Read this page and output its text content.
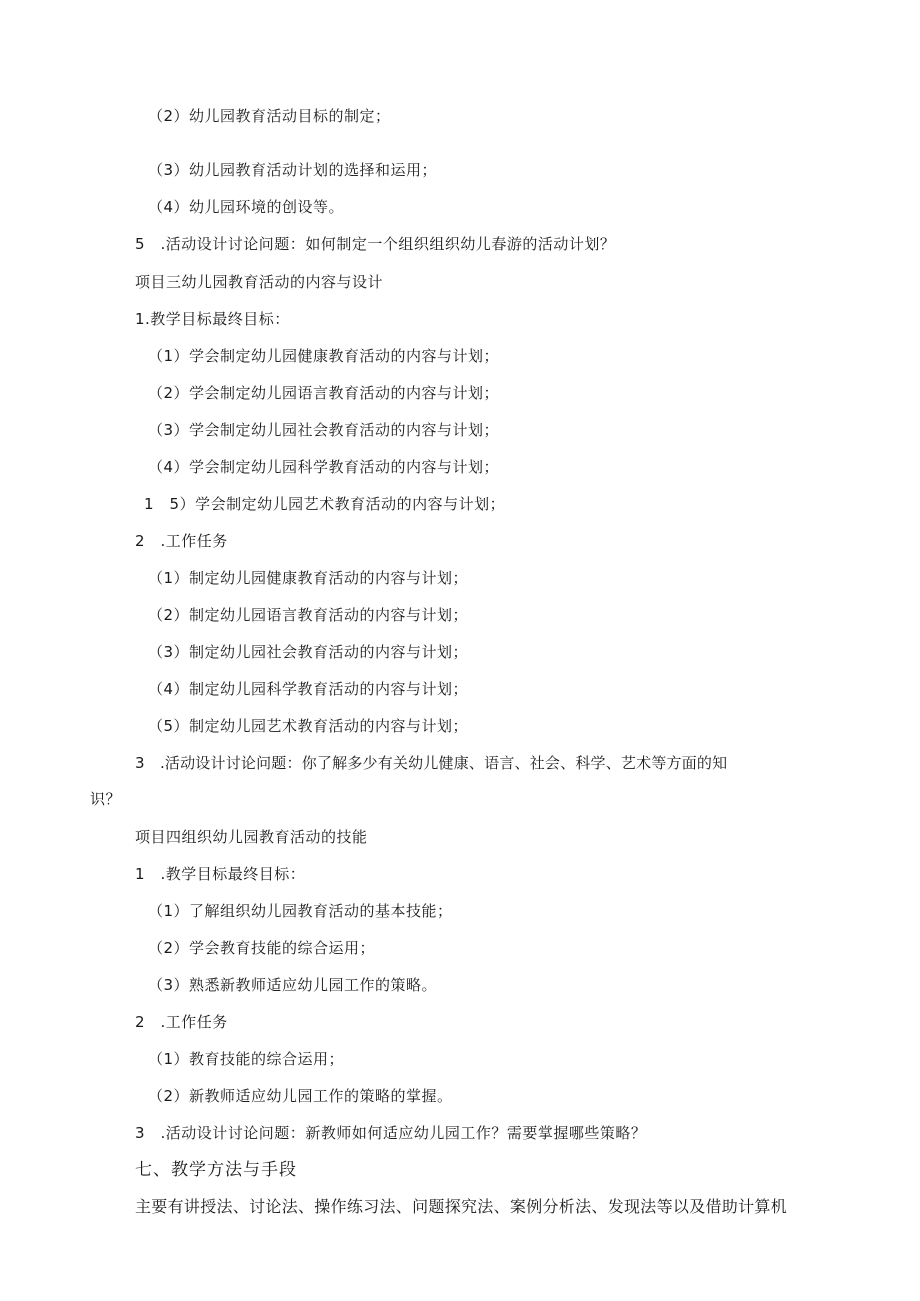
（2）幼儿园教育活动目标的制定；
（3）幼儿园教育活动计划的选择和运用；
（4）幼儿园环境的创设等。
5　.活动设计讨论问题：如何制定一个组织组织幼儿春游的活动计划？
项目三幼儿园教育活动的内容与设计
1.教学目标最终目标：
（1）学会制定幼儿园健康教育活动的内容与计划；
（2）学会制定幼儿园语言教育活动的内容与计划；
（3）学会制定幼儿园社会教育活动的内容与计划；
（4）学会制定幼儿园科学教育活动的内容与计划；
1　5）学会制定幼儿园艺术教育活动的内容与计划；
2　.工作任务
（1）制定幼儿园健康教育活动的内容与计划；
（2）制定幼儿园语言教育活动的内容与计划；
（3）制定幼儿园社会教育活动的内容与计划；
（4）制定幼儿园科学教育活动的内容与计划；
（5）制定幼儿园艺术教育活动的内容与计划；
3　.活动设计讨论问题：你了解多少有关幼儿健康、语言、社会、科学、艺术等方面的知
识？
项目四组织幼儿园教育活动的技能
1　.教学目标最终目标：
（1）了解组织幼儿园教育活动的基本技能；
（2）学会教育技能的综合运用；
（3）熟悉新教师适应幼儿园工作的策略。
2　.工作任务
（1）教育技能的综合运用；
（2）新教师适应幼儿园工作的策略的掌握。
3　.活动设计讨论问题：新教师如何适应幼儿园工作？需要掌握哪些策略？
七、教学方法与手段
主要有讲授法、讨论法、操作练习法、问题探究法、案例分析法、发现法等以及借助计算机
